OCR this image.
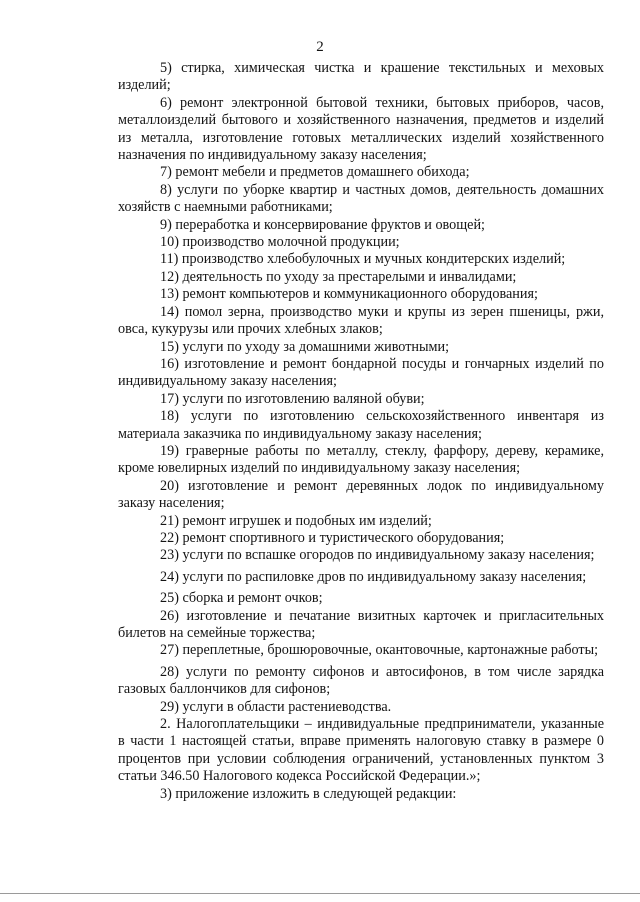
2

5) стирка, химическая чистка и крашение текстильных и меховых изделий;

6) ремонт электронной бытовой техники, бытовых приборов, часов, металлоизделий бытового и хозяйственного назначения, предметов и изделий из металла, изготовление готовых металлических изделий хозяйственного назначения по индивидуальному заказу населения;

7) ремонт мебели и предметов домашнего обихода;

8) услуги по уборке квартир и частных домов, деятельность домашних хозяйств с наемными работниками;

9) переработка и консервирование фруктов и овощей;

10) производство молочной продукции;

11) производство хлебобулочных и мучных кондитерских изделий;

12) деятельность по уходу за престарелыми и инвалидами;

13) ремонт компьютеров и коммуникационного оборудования;

14) помол зерна, производство муки и крупы из зерен пшеницы, ржи, овса, кукурузы или прочих хлебных злаков;

15) услуги по уходу за домашними животными;

16) изготовление и ремонт бондарной посуды и гончарных изделий по индивидуальному заказу населения;

17) услуги по изготовлению валяной обуви;

18) услуги по изготовлению сельскохозяйственного инвентаря из материала заказчика по индивидуальному заказу населения;

19) граверные работы по металлу, стеклу, фарфору, дереву, керамике, кроме ювелирных изделий по индивидуальному заказу населения;

20) изготовление и ремонт деревянных лодок по индивидуальному заказу населения;

21) ремонт игрушек и подобных им изделий;

22) ремонт спортивного и туристического оборудования;

23) услуги по вспашке огородов по индивидуальному заказу населения;

24) услуги по распиловке дров по индивидуальному заказу населения;

25) сборка и ремонт очков;

26) изготовление и печатание визитных карточек и пригласительных билетов на семейные торжества;

27) переплетные, брошюровочные, окантовочные, картонажные работы;

28) услуги по ремонту сифонов и автосифонов, в том числе зарядка газовых баллончиков для сифонов;

29) услуги в области растениеводства.

2. Налогоплательщики – индивидуальные предприниматели, указанные в части 1 настоящей статьи, вправе применять налоговую ставку в размере 0 процентов при условии соблюдения ограничений, установленных пунктом 3 статьи 346.50 Налогового кодекса Российской Федерации.»;

3) приложение изложить в следующей редакции:
